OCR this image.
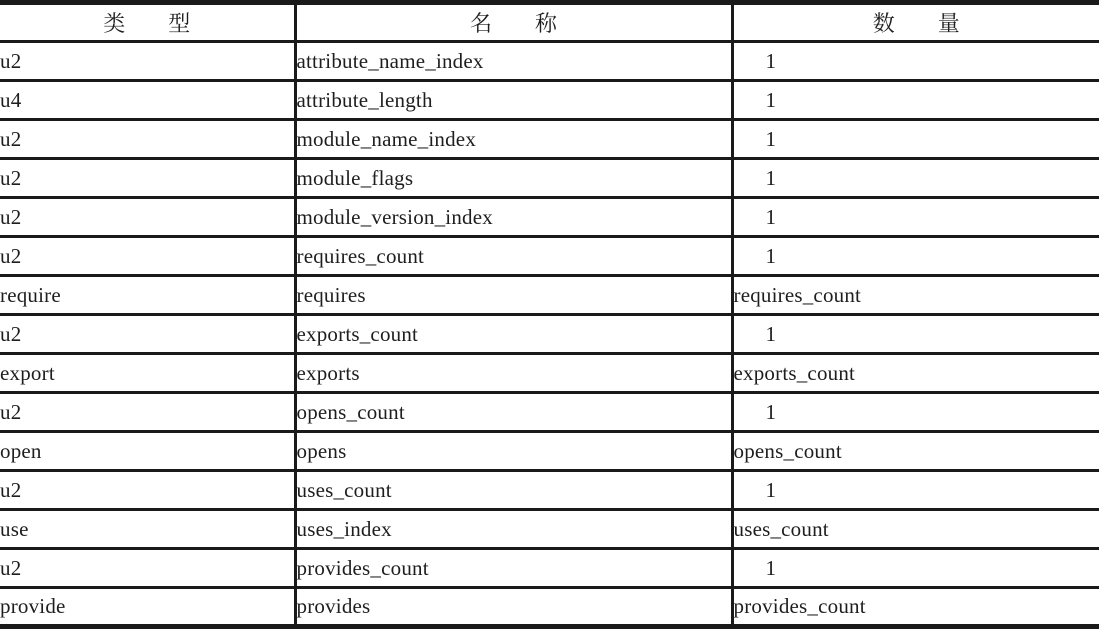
类 型	名 称	数 量
u2	attribute_name_index	1
u4	attribute_length	1
u2	module_name_index	1
u2	module_flags	1
u2	module_version_index	1
u2	requires_count	1
require	requires	requires_count
u2	exports_count	1
export	exports	exports_count
u2	opens_count	1
open	opens	opens_count
u2	uses_count	1
use	uses_index	uses_count
u2	provides_count	1
provide	provides	provides_count
